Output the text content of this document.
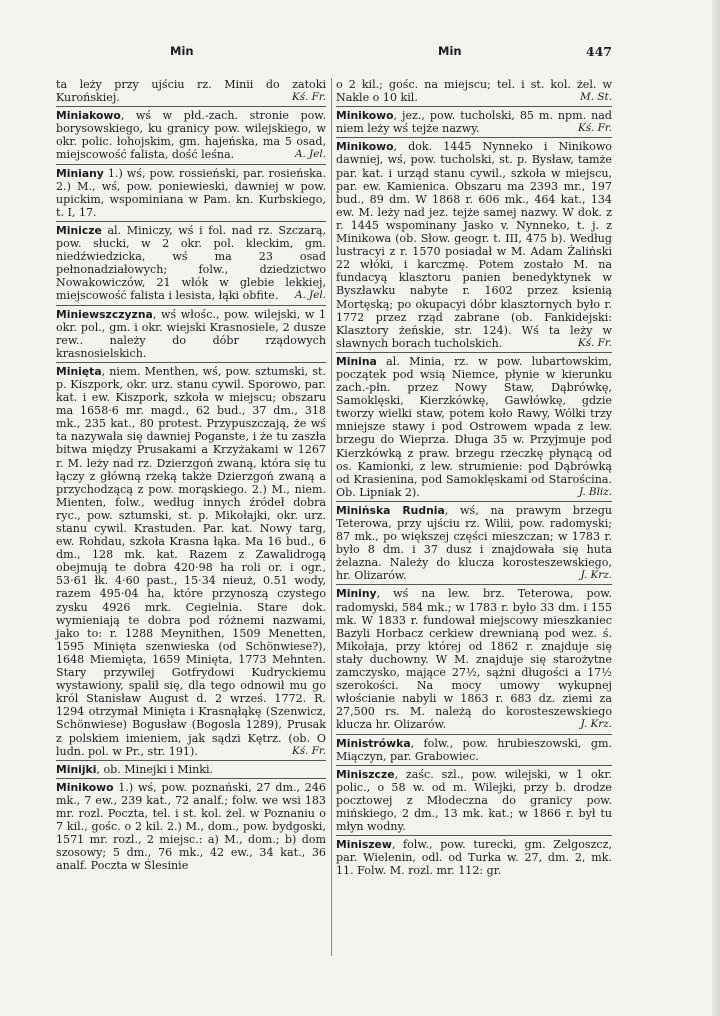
Min	Min	447

ta leży przy ujściu rz. Minii do zatoki Kurońskiej.	Kś. Fr.

Miniakowo, wś w płd.-zach. stronie pow. borysowskiego, ku granicy pow. wilejskiego, w okr. polic. łohojskim, gm. hajeńska, ma 5 osad, miejscowość falista, dość leśna.	A. Jel.

Miniany 1.) wś, pow. rossieński, par. rosieńska. 2.) M., wś, pow. poniewieski, dawniej w pow. upickim, wspominiana w Pam. kn. Kurbskiego, t. I, 17.

Minicze al. Miniczy, wś i fol. nad rz. Szczarą, pow. słucki, w 2 okr. pol. kleckim, gm. niedźwiedzicka, wś ma 23 osad pełnonadziałowych; folw., dziedzictwo Nowakowiczów, 21 włók w glebie lekkiej, miejscowość falista i lesista, łąki obfite.	A. Jel.

Miniewszczyzna, wś włośc., pow. wilejski, w 1 okr. pol., gm. i okr. wiejski Krasnosiele, 2 dusze rew.. należy do dóbr rządowych krasnosielskich.

Minięta, niem. Menthen, wś, pow. sztumski, st. p. Kiszpork, okr. urz. stanu cywil. Sporowo, par. kat. i ew. Kiszpork, szkoła w miejscu; obszaru ma 1658·6 mr. magd., 62 bud., 37 dm., 318 mk., 235 kat., 80 protest. Przypuszczają, że wś ta nazywała się dawniej Poganste, i że tu zaszła bitwa między Prusakami a Krzyżakami w 1267 r. M. leży nad rz. Dzierzgoń zwaną, która się tu łączy z główną rzeką także Dzierzgoń zwaną a przychodzącą z pow. morąskiego. 2.) M., niem. Mienten, folw., według innych źródeł dobra ryc., pow. sztumski, st. p. Mikołajki, okr. urz. stanu cywil. Krastuden. Par. kat. Nowy targ, ew. Rohdau, szkoła Krasna łąka. Ma 16 bud., 6 dm., 128 mk. kat. Razem z Zawalidrogą obejmują te dobra 420·98 ha roli or. i ogr., 53·61 łk. 4·60 past., 15·34 nieuż, 0.51 wody, razem 495·04 ha, które przynoszą czystego zysku 4926 mrk. Cegielnia. Stare dok. wymieniają te dobra pod różnemi nazwami, jako to: r. 1288 Meynithen, 1509 Menetten, 1595 Minięta szenwieska (od Schönwiese?), 1648 Miemięta, 1659 Minięta, 1773 Mehnten. Stary przywilej Gotfrydowi Kudryckiemu wystawiony, spalił się, dla tego odnowił mu go król Stanisław August d. 2 wrześ. 1772. R. 1294 otrzymał Minięta i Krasnąłąkę (Szenwicz, Schönwiese) Bogusław (Bogosla 1289), Prusak z polskiem imieniem, jak sądzi Kętrz. (ob. O ludn. pol. w Pr., str. 191).	Kś. Fr.

Minijki, ob. Minejki i Minki.

Minikowo 1.) wś, pow. poznański, 27 dm., 246 mk., 7 ew., 239 kat., 72 analf.; folw. we wsi 183 mr. rozl. Poczta, tel. i st. kol. żel. w Poznaniu o 7 kil., gośc. o 2 kil. 2.) M., dom., pow. bydgoski, 1571 mr. rozl., 2 miejsc.: a) M., dom.; b) dom szosowy; 5 dm., 76 mk., 42 ew., 34 kat., 36 analf. Poczta w Ślesinie

o 2 kil.; gośc. na miejscu; tel. i st. kol. żel. w Nakle o 10 kil.	M. St.

Minikowo, jez., pow. tucholski, 85 m. npm. nad niem leży wś tejże nazwy.	Kś. Fr.

Minikowo, dok. 1445 Nynneko i Ninikowo dawniej, wś, pow. tucholski, st. p. Bysław, tamże par. kat. i urząd stanu cywil., szkoła w miejscu, par. ew. Kamienica. Obszaru ma 2393 mr., 197 bud., 89 dm. W 1868 r. 606 mk., 464 kat., 134 ew. M. leży nad jez. tejże samej nazwy. W dok. z r. 1445 wspominany Jasko v. Nynneko, t. j. z Minikowa (ob. Słow. geogr. t. III, 475 b). Według lustracyi z r. 1570 posiadał w M. Adam Żaliński 22 włóki, i karczmę. Potem zostało M. na fundacyą klasztoru panien benedyktynek w Byszławku nabyte r. 1602 przez ksienią Mortęską; po okupacyi dóbr klasztornych było r. 1772 przez rząd zabrane (ob. Fankidejski: Klasztory żeńskie, str. 124). Wś ta leży w sławnych borach tucholskich.	Kś. Fr.

Minina al. Minia, rz. w pow. lubartowskim, początek pod wsią Niemce, płynie w kierunku zach.-płn. przez Nowy Staw, Dąbrówkę, Samoklęski, Kierzkówkę, Gawłówkę, gdzie tworzy wielki staw, potem koło Rawy, Wólki trzy mniejsze stawy i pod Ostrowem wpada z lew. brzegu do Wieprza. Długa 35 w. Przyjmuje pod Kierzkówką z praw. brzegu rzeczkę płynącą od os. Kamionki, z lew. strumienie: pod Dąbrówką od Krasienina, pod Samoklęskami od Starościna. Ob. Lipniak 2).	J. Bliz.

Minińska Rudnia, wś, na prawym brzegu Teterowa, przy ujściu rz. Wilii, pow. radomyski; 87 mk., po większej części mieszczan; w 1783 r. było 8 dm. i 37 dusz i znajdowała się huta żelazna. Należy do klucza korosteszewskiego, hr. Olizarów.	J. Krz.

Mininy, wś na lew. brz. Teterowa, pow. radomyski, 584 mk.; w 1783 r. było 33 dm. i 155 mk. W 1833 r. fundował miejscowy mieszkaniec Bazyli Horbacz cerkiew drewnianą pod wez. ś. Mikołaja, przy której od 1862 r. znajduje się stały duchowny. W M. znajduje się starożytne zamczysko, mające 27½, sążni długości a 17½ szerokości. Na mocy umowy wykupnej włościanie nabyli w 1863 r. 683 dz. ziemi za 27,500 rs. M. należą do korosteszewskiego klucza hr. Olizarów.	J. Krz.

Ministrówka, folw., pow. hrubieszowski, gm. Miączyn, par. Grabowiec.

Miniszcze, zaśc. szl., pow. wilejski, w 1 okr. polic., o 58 w. od m. Wilejki, przy b. drodze pocztowej z Młodeczna do granicy pow. mińskiego, 2 dm., 13 mk. kat.; w 1866 r. był tu młyn wodny.

Miniszew, folw., pow. turecki, gm. Zelgoszcz, par. Wielenin, odl. od Turka w. 27, dm. 2, mk. 11. Folw. M. rozl. mr. 112: gr.
